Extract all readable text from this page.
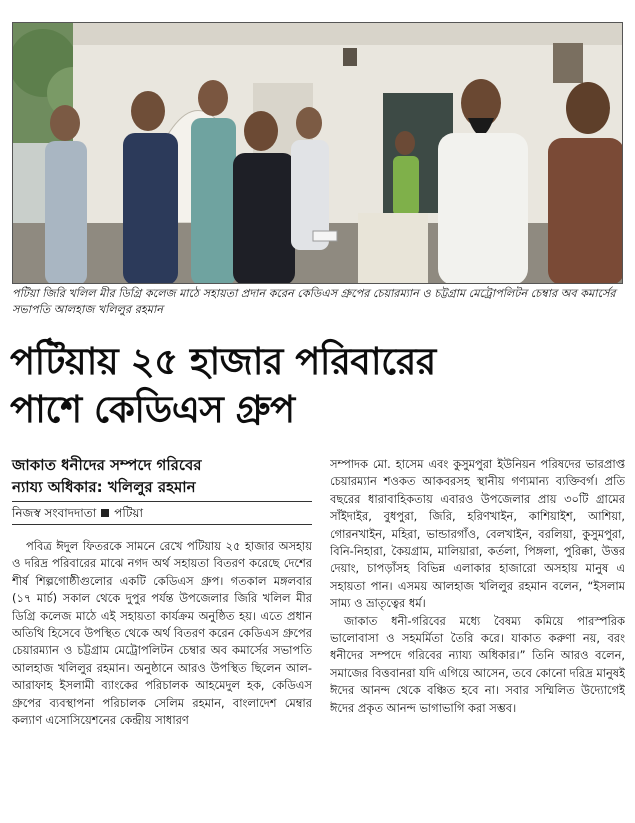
পটিয়া জিরি খলিল মীর ডিগ্রি কলেজ মাঠে সহায়তা প্রদান করেন কেডিএস গ্রুপের চেয়ারম্যান ও চট্টগ্রাম মেট্রোপলিটন চেম্বার অব কমার্সের সভাপতি আলহাজ খলিলুর রহমান
পটিয়ায় ২৫ হাজার পরিবারের
পাশে কেডিএস গ্রুপ
জাকাত ধনীদের সম্পদে গরিবের
ন্যায্য অধিকার: খলিলুর রহমান
নিজস্ব সংবাদদাতা পটিয়া

পবিত্র ঈদুল ফিতরকে সামনে রেখে পটিয়ায় ২৫ হাজার অসহায় ও দরিদ্র পরিবারের মাঝে নগদ অর্থ সহায়তা বিতরণ করেছে দেশের শীর্ষ শিল্পগোষ্ঠীগুলোর একটি কেডিএস গ্রুপ। গতকাল মঙ্গলবার (১৭ মার্চ) সকাল থেকে দুপুর পর্যন্ত উপজেলার জিরি খলিল মীর ডিগ্রি কলেজ মাঠে এই সহায়তা কার্যক্রম অনুষ্ঠিত হয়। এতে প্রধান অতিথি হিসেবে উপস্থিত থেকে অর্থ বিতরণ করেন কেডিএস গ্রুপের চেয়ারম্যান ও চট্টগ্রাম মেট্রোপলিটন চেম্বার অব কমার্সের সভাপতি আলহাজ খলিলুর রহমান। অনুষ্ঠানে আরও উপস্থিত ছিলেন আল-আরাফাহ ইসলামী ব্যাংকের পরিচালক আহমেদুল হক, কেডিএস গ্রুপের ব্যবস্থাপনা পরিচালক সেলিম রহমান, বাংলাদেশ মেম্বার কল্যাণ এসোসিয়েশনের কেন্দ্রীয় সাধারণ

সম্পাদক মো. হাসেম এবং কুসুমপুরা ইউনিয়ন পরিষদের ভারপ্রাপ্ত চেয়ারম্যান শওকত আকবরসহ স্থানীয় গণ্যমান্য ব্যক্তিবর্গ। প্রতি বছরের ধারাবাহিকতায় এবারও উপজেলার প্রায় ৩০টি গ্রামের সাঁইদাইর, বুধপুরা, জিরি, হরিণখাইন, কাশিয়াইশ, আশিয়া, গোরনখাইন, মহিরা, ভান্ডারগাঁও, বেলখাইন, বরলিয়া, কুসুমপুরা, বিনি-নিহারা, কৈয়গ্রাম, মালিয়ারা, কর্তলা, পিঙ্গলা, পুরিক্কা, উত্তর দেয়াং, চাপড়াঁসহ বিভিন্ন এলাকার হাজারো অসহায় মানুষ এ সহায়তা পান। এসময় আলহাজ খলিলুর রহমান বলেন, “ইসলাম সাম্য ও ভ্রাতৃত্বের ধর্ম।

জাকাত ধনী-গরিবের মধ্যে বৈষম্য কমিয়ে পারস্পরিক ভালোবাসা ও সহমর্মিতা তৈরি করে। যাকাত করুণা নয়, বরং ধনীদের সম্পদে গরিবের ন্যায্য অধিকার।” তিনি আরও বলেন, সমাজের বিত্তবানরা যদি এগিয়ে আসেন, তবে কোনো দরিদ্র মানুষই ঈদের আনন্দ থেকে বঞ্চিত হবে না। সবার সম্মিলিত উদ্যোগেই ঈদের প্রকৃত আনন্দ ভাগাভাগি করা সম্ভব।
